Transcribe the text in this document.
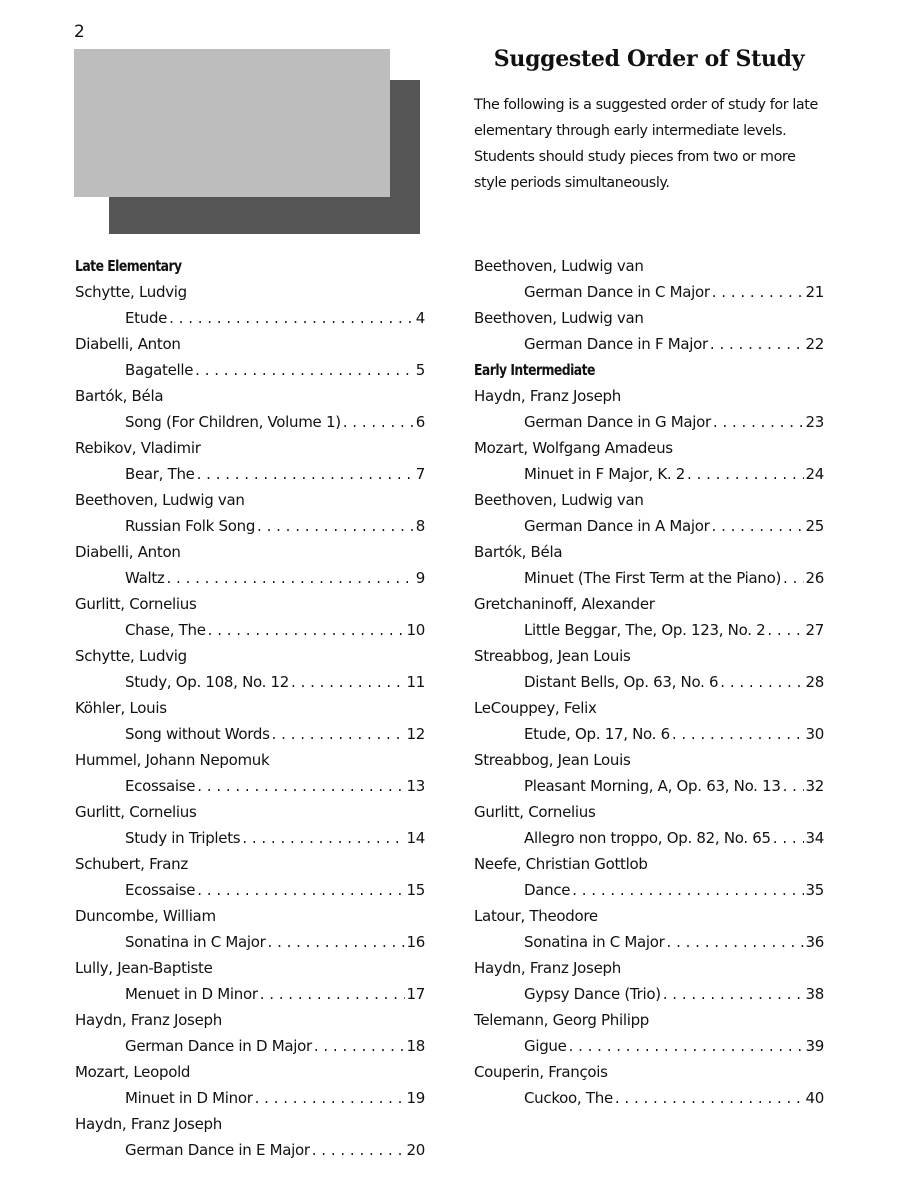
2
Suggested Order of Study
The following is a suggested order of study for late elementary through early intermediate levels. Students should study pieces from two or more style periods simultaneously.
Late Elementary
Schytte, Ludvig
Etude . . .	4
Diabelli, Anton
Bagatelle . . .	5
Bartók, Béla
Song (For Children, Volume 1) . . .	6
Rebikov, Vladimir
Bear, The . . .	7
Beethoven, Ludwig van
Russian Folk Song . . .	8
Diabelli, Anton
Waltz . . .	9
Gurlitt, Cornelius
Chase, The . . .	10
Schytte, Ludvig
Study, Op. 108, No. 12 . . .	11
Köhler, Louis
Song without Words . . .	12
Hummel, Johann Nepomuk
Ecossaise . . .	13
Gurlitt, Cornelius
Study in Triplets . . .	14
Schubert, Franz
Ecossaise . . .	15
Duncombe, William
Sonatina in C Major . . .	16
Lully, Jean-Baptiste
Menuet in D Minor . . .	17
Haydn, Franz Joseph
German Dance in D Major . . .	18
Mozart, Leopold
Minuet in D Minor . . .	19
Haydn, Franz Joseph
German Dance in E Major . . .	20
Beethoven, Ludwig van
German Dance in C Major . . .	21
Beethoven, Ludwig van
German Dance in F Major . . .	22
Early Intermediate
Haydn, Franz Joseph
German Dance in G Major . . .	23
Mozart, Wolfgang Amadeus
Minuet in F Major, K. 2 . . .	24
Beethoven, Ludwig van
German Dance in A Major . . .	25
Bartók, Béla
Minuet (The First Term at the Piano) . . . 26
Gretchaninoff, Alexander
Little Beggar, The, Op. 123, No. 2 . . .	27
Streabbog, Jean Louis
Distant Bells, Op. 63, No. 6 . . .	28
LeCouppey, Felix
Etude, Op. 17, No. 6 . . .	30
Streabbog, Jean Louis
Pleasant Morning, A, Op. 63, No. 13 . . . 32
Gurlitt, Cornelius
Allegro non troppo, Op. 82, No. 65 . . . 34
Neefe, Christian Gottlob
Dance . . .	35
Latour, Theodore
Sonatina in C Major . . .	36
Haydn, Franz Joseph
Gypsy Dance (Trio) . . .	38
Telemann, Georg Philipp
Gigue . . .	39
Couperin, François
Cuckoo, The . . .	40
